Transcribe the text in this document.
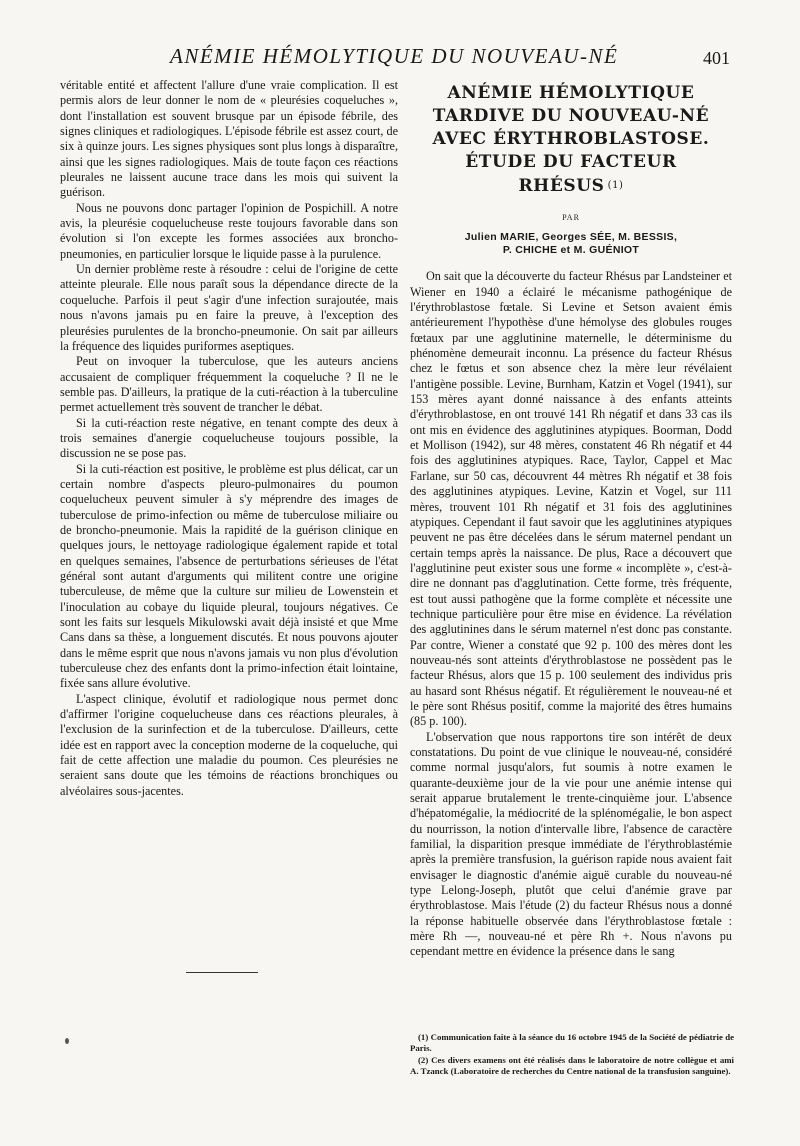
ANÉMIE HÉMOLYTIQUE DU NOUVEAU-NÉ	401

véritable entité et affectent l'allure d'une vraie complication. Il est permis alors de leur donner le nom de « pleurésies coqueluches », dont l'installation est souvent brusque par un épisode fébrile, des signes cliniques et radiologiques. L'épisode fébrile est assez court, de six à quinze jours. Les signes physiques sont plus longs à disparaître, ainsi que les signes radiologiques. Mais de toute façon ces réactions pleurales ne laissent aucune trace dans les mois qui suivent la guérison.

Nous ne pouvons donc partager l'opinion de Pospichill. A notre avis, la pleurésie coquelucheuse reste toujours favorable dans son évolution si l'on excepte les formes associées aux broncho-pneumonies, en particulier lorsque le liquide passe à la purulence.

Un dernier problème reste à résoudre : celui de l'origine de cette atteinte pleurale. Elle nous paraît sous la dépendance directe de la coqueluche. Parfois il peut s'agir d'une infection surajoutée, mais nous n'avons jamais pu en faire la preuve, à l'exception des pleurésies purulentes de la broncho-pneumonie. On sait par ailleurs la fréquence des liquides puriformes aseptiques.

Peut on invoquer la tuberculose, que les auteurs anciens accusaient de compliquer fréquemment la coqueluche ? Il ne le semble pas. D'ailleurs, la pratique de la cuti-réaction à la tuberculine permet actuellement très souvent de trancher le débat.

Si la cuti-réaction reste négative, en tenant compte des deux à trois semaines d'anergie coquelucheuse toujours possible, la discussion ne se pose pas.

Si la cuti-réaction est positive, le problème est plus délicat, car un certain nombre d'aspects pleuro-pulmonaires du poumon coquelucheux peuvent simuler à s'y méprendre des images de tuberculose de primo-infection ou même de tuberculose miliaire ou de broncho-pneumonie. Mais la rapidité de la guérison clinique en quelques jours, le nettoyage radiologique également rapide et total en quelques semaines, l'absence de perturbations sérieuses de l'état général sont autant d'arguments qui militent contre une origine tuberculeuse, de même que la culture sur milieu de Lowenstein et l'inoculation au cobaye du liquide pleural, toujours négatives. Ce sont les faits sur lesquels Mikulowski avait déjà insisté et que Mme Cans dans sa thèse, a longuement discutés. Et nous pouvons ajouter dans le même esprit que nous n'avons jamais vu non plus d'évolution tuberculeuse chez des enfants dont la primo-infection était lointaine, fixée sans allure évolutive.

L'aspect clinique, évolutif et radiologique nous permet donc d'affirmer l'origine coquelucheuse dans ces réactions pleurales, à l'exclusion de la surinfection et de la tuberculose. D'ailleurs, cette idée est en rapport avec la conception moderne de la coqueluche, qui fait de cette affection une maladie du poumon. Ces pleurésies ne seraient sans doute que les témoins de réactions bronchiques ou alvéolaires sous-jacentes.

ANÉMIE HÉMOLYTIQUE
TARDIVE DU NOUVEAU-NÉ
AVEC ÉRYTHROBLASTOSE.
ÉTUDE DU FACTEUR
RHÉSUS (1)
PAR
Julien MARIE, Georges SÉE, M. BESSIS,
P. CHICHE et M. GUÉNIOT

On sait que la découverte du facteur Rhésus par Landsteiner et Wiener en 1940 a éclairé le mécanisme pathogénique de l'érythroblastose fœtale. Si Levine et Setson avaient émis antérieurement l'hypothèse d'une hémolyse des globules rouges fœtaux par une agglutinine maternelle, le déterminisme du phénomène demeurait inconnu. La présence du facteur Rhésus chez le fœtus et son absence chez la mère leur révélaient l'antigène possible. Levine, Burnham, Katzin et Vogel (1941), sur 153 mères ayant donné naissance à des enfants atteints d'érythroblastose, en ont trouvé 141 Rh négatif et dans 33 cas ils ont mis en évidence des agglutinines atypiques. Boorman, Dodd et Mollison (1942), sur 48 mères, constatent 46 Rh négatif et 44 fois des agglutinines atypiques. Race, Taylor, Cappel et Mac Farlane, sur 50 cas, découvrent 44 mètres Rh négatif et 38 fois des agglutinines atypiques. Levine, Katzin et Vogel, sur 111 mères, trouvent 101 Rh négatif et 31 fois des agglutinines atypiques. Cependant il faut savoir que les agglutinines atypiques peuvent ne pas être décelées dans le sérum maternel pendant un certain temps après la naissance. De plus, Race a découvert que l'agglutinine peut exister sous une forme « incomplète », c'est-à-dire ne donnant pas d'agglutination. Cette forme, très fréquente, est tout aussi pathogène que la forme complète et nécessite une technique particulière pour être mise en évidence. La révélation des agglutinines dans le sérum maternel n'est donc pas constante. Par contre, Wiener a constaté que 92 p. 100 des mères dont les nouveau-nés sont atteints d'érythroblastose ne possèdent pas le facteur Rhésus, alors que 15 p. 100 seulement des individus pris au hasard sont Rhésus négatif. Et régulièrement le nouveau-né et le père sont Rhésus positif, comme la majorité des êtres humains (85 p. 100).

L'observation que nous rapportons tire son intérêt de deux constatations. Du point de vue clinique le nouveau-né, considéré comme normal jusqu'alors, fut soumis à notre examen le quarante-deuxième jour de la vie pour une anémie intense qui serait apparue brutalement le trente-cinquième jour. L'absence d'hépatomégalie, la médiocrité de la splénomégalie, le bon aspect du nourrisson, la notion d'intervalle libre, l'absence de caractère familial, la disparition presque immédiate de l'érythroblastémie après la première transfusion, la guérison rapide nous avaient fait envisager le diagnostic d'anémie aiguë curable du nouveau-né type Lelong-Joseph, plutôt que celui d'anémie grave par érythroblastose. Mais l'étude (2) du facteur Rhésus nous a donné la réponse habituelle observée dans l'érythroblastose fœtale : mère Rh —, nouveau-né et père Rh +. Nous n'avons pu cependant mettre en évidence la présence dans le sang

(1) Communication faite à la séance du 16 octobre 1945 de la Société de pédiatrie de Paris.

(2) Ces divers examens ont été réalisés dans le laboratoire de notre collègue et ami A. Tzanck (Laboratoire de recherches du Centre national de la transfusion sanguine).
